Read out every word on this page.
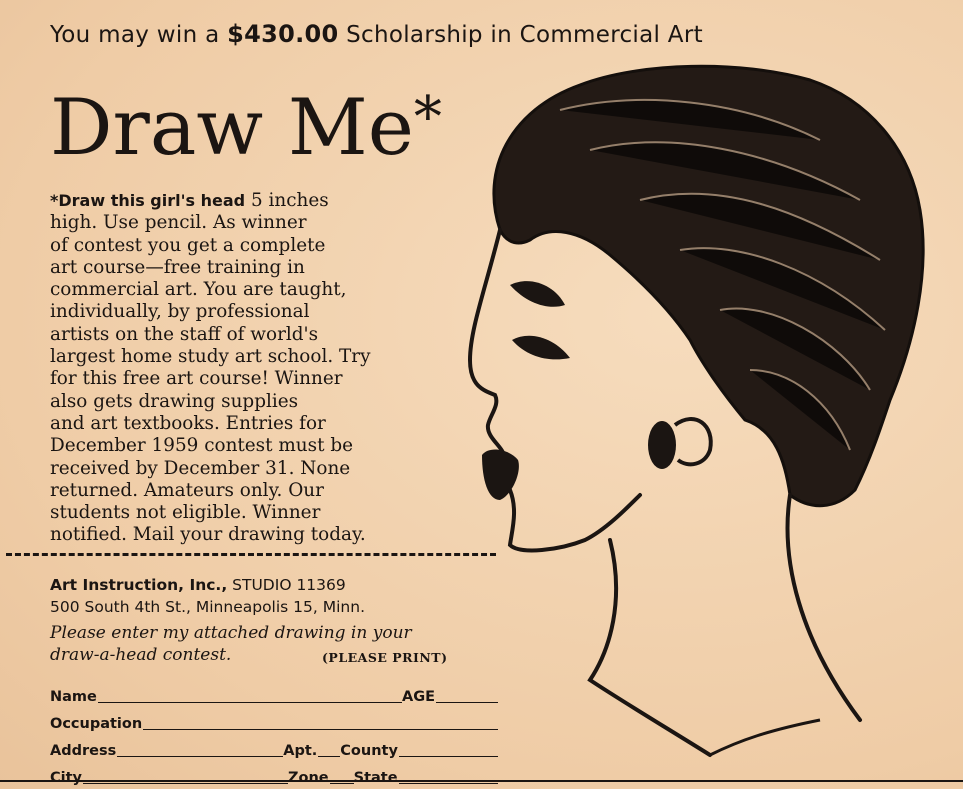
You may win a $430.00 Scholarship in Commercial Art
Draw Me*
*Draw this girl's head 5 inches
high. Use pencil. As winner
of contest you get a complete
art course—free training in
commercial art. You are taught,
individually, by professional
artists on the staff of world's
largest home study art school. Try
for this free art course! Winner
also gets drawing supplies
and art textbooks. Entries for
December 1959 contest must be
received by December 31. None
returned. Amateurs only. Our
students not eligible. Winner
notified. Mail your drawing today.
Art Instruction, Inc., STUDIO 11369
500 South 4th St., Minneapolis 15, Minn.
Please enter my attached drawing in your
draw-a-head contest.	(PLEASE PRINT)
Name	AGE
Occupation
Address	Apt. County
City	Zone State
